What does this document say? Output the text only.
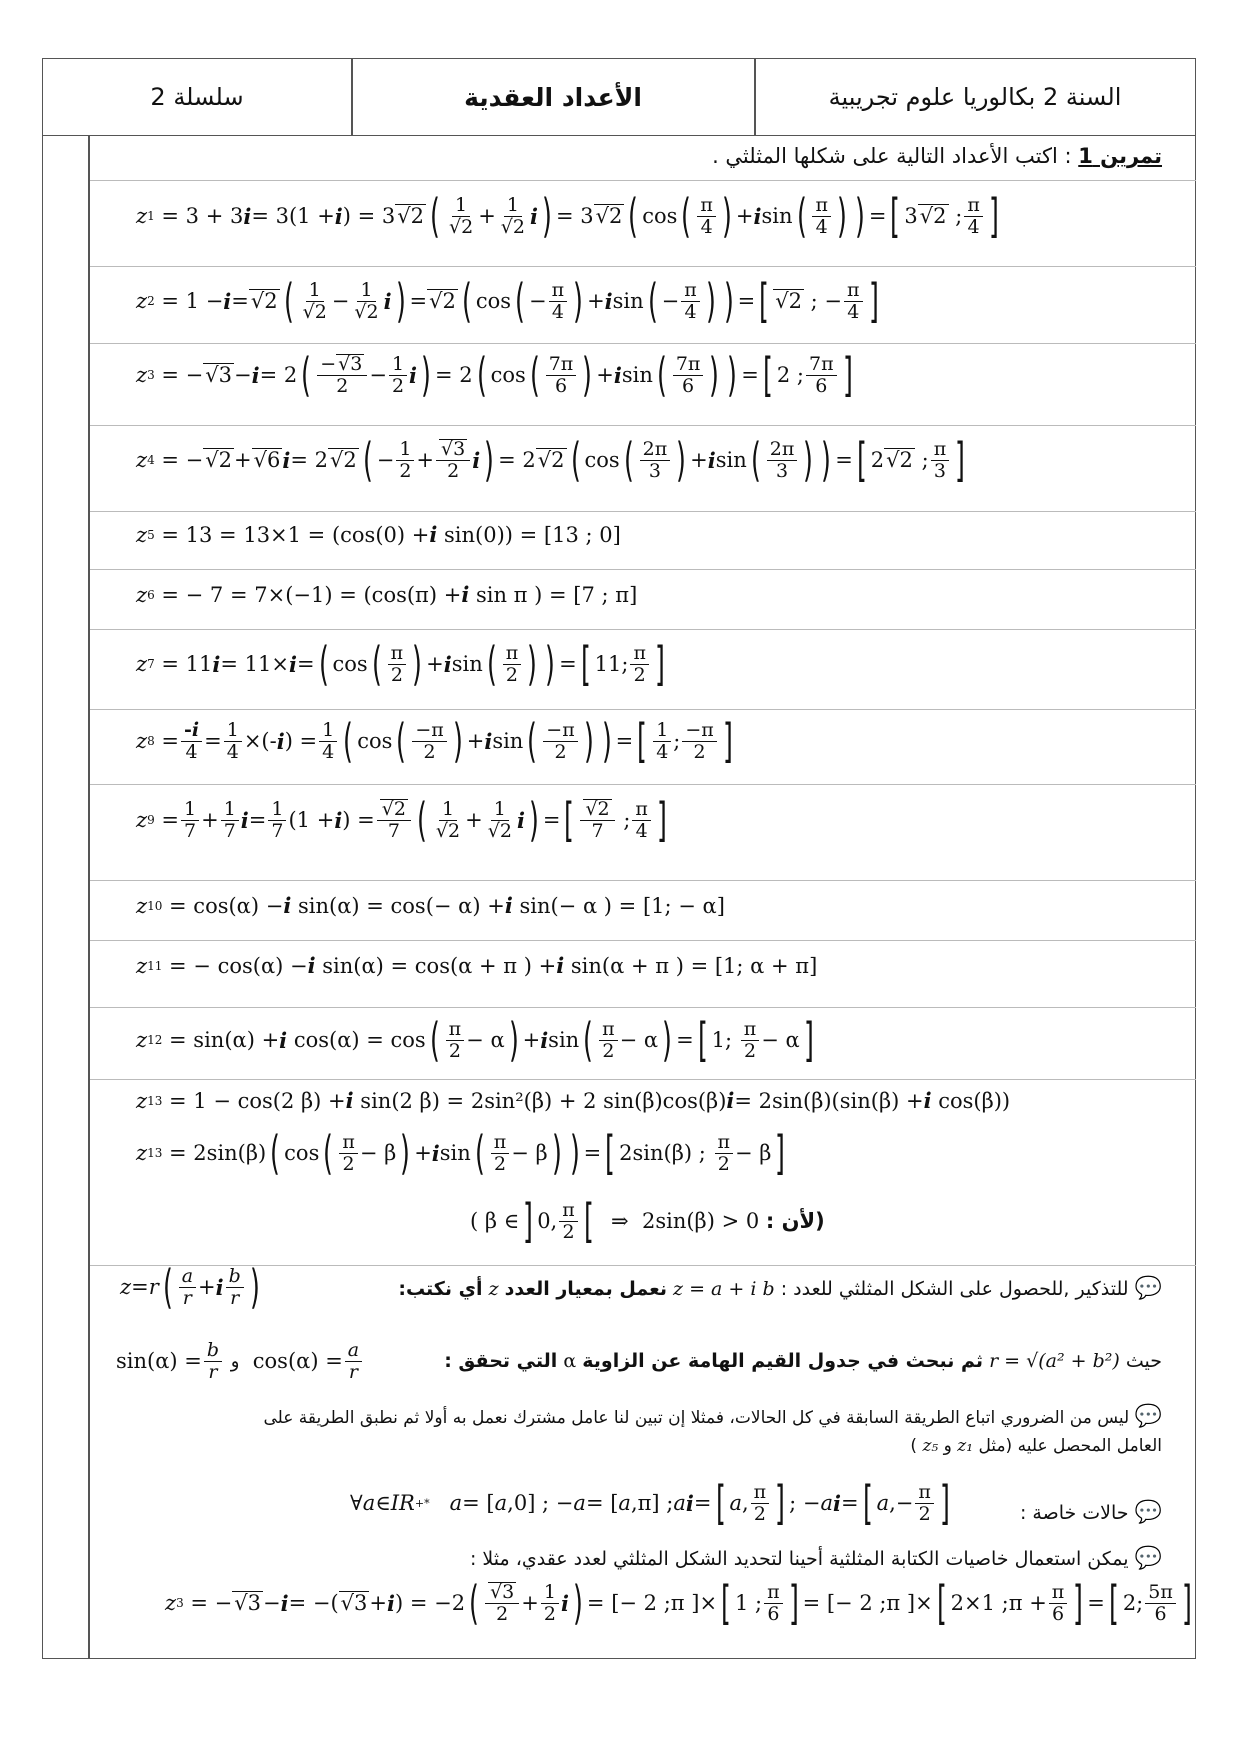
سلسلة 2	الأعداد العقدية	السنة 2 بكالوريا علوم تجريبية
تمرين 1 : اكتب الأعداد التالية على شكلها المثلثي .
z 1 = 3 + 3 i = 3(1 + i ) = 3 √2 ( 1
√2 + 1
√2 i ) = 3 √2 ( cos ( π
4 ) + i sin ( π
4 ) ) = [ 3 √2 ; π
4 ]
z 2 = 1 − i = √2 ( 1
√2 − 1
√2 i ) = √2 ( cos ( − π
4 ) + i sin ( − π
4 ) ) = [ √2 ; − π
4 ]
z 3 = − √3 − i = 2 ( − √3
2 − 1
2 i ) = 2 ( cos ( 7π
6 ) + i sin ( 7π
6 ) ) = [ 2 ; 7π
6 ]
z 4 = − √2 + √6 i = 2 √2 ( − 1
2 + √3
2 i ) = 2 √2 ( cos ( 2π
3 ) + i sin ( 2π
3 ) ) = [ 2 √2 ; π
3 ]
z 5 = 13 = 13×1 = (cos(0) + i sin(0)) = [13 ; 0]
z 6 = − 7 = 7×(−1) = (cos(π) + i sin π ) = [7 ; π]
z 7 = 11 i = 11× i = ( cos ( π
2 ) + i sin ( π
2 ) ) = [ 11; π
2 ]
z 8 = -i
4 = 1
4 ×(- i ) = 1
4 ( cos ( −π
2 ) + i sin ( −π
2 ) ) = [ 1
4 ; −π
2 ]
z 9 = 1
7 + 1
7 i = 1
7 (1 + i ) = √2
7 ( 1
√2 + 1
√2 i ) = [ √2
7 ; π
4 ]
z 10 = cos(α) − i sin(α) = cos(− α) + i sin(− α ) = [1; − α]
z 11 = − cos(α) − i sin(α) = cos(α + π ) + i sin(α + π ) = [1; α + π]
z 12 = sin(α) + i cos(α) = cos ( π
2 − α ) + i sin ( π
2 − α ) = [ 1; π
2 − α ]
z 13 = 1 − cos(2 β) + i sin(2 β) = 2sin²(β) + 2 sin(β)cos(β) i = 2sin(β)(sin(β) + i cos(β))
z 13 = 2sin(β) ( cos ( π
2 − β ) + i sin ( π
2 − β ) ) = [ 2sin(β) ; π
2 − β ]
( β ∈ ] 0, π
2 [ ⇒  2sin(β) > 0 (لأن :
💬 للتذكير ,للحصول على الشكل المثلثي للعدد : z = a + i b نعمل بمعيار العدد z أي نكتب:
z = r ( a
r + i b
r )
حيث r = √(a² + b²) ثم نبحث في جدول القيم الهامة عن الزاوية α التي تحقق :
sin(α) = b
r
و cos(α) = a
r
💬 ليس من الضروري اتباع الطريقة السابقة في كل الحالات، فمثلا إن تبين لنا عامل مشترك نعمل به أولا ثم نطبق الطريقة على
العامل المحصل عليه (مثل z₁ و z₅ )
💬 حالات خاصة :
∀ a ∈ IR +*
a = [ a ,0] ; − a = [ a ,π] ; a i = [ a , π
2 ] ; − a i = [ a ,− π
2 ]
💬 يمكن استعمال خاصيات الكتابة المثلثية أحينا لتحديد الشكل المثلثي لعدد عقدي، مثلا :
z 3 = − √3 − i = −( √3 + i ) = −2 ( √3
2 + 1
2 i ) = [− 2 ;π ]× [ 1 ; π
6 ] = [− 2 ;π ]× [ 2×1 ;π + π
6 ] = [ 2; 5π
6 ]
